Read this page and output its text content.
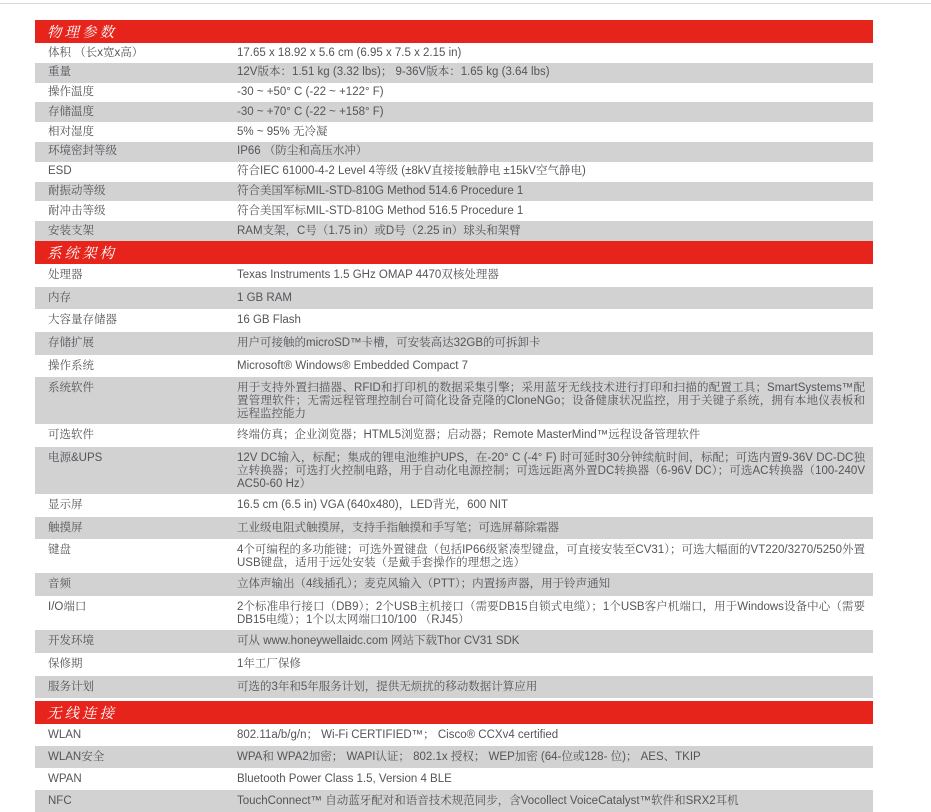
物理参数
体积 （长x宽x高）	17.65 x 18.92 x 5.6 cm (6.95 x 7.5 x 2.15 in)
重量	12V版本：1.51 kg (3.32 lbs)； 9-36V版本：1.65 kg (3.64 lbs)
操作温度	-30 ~ +50° C (-22 ~ +122° F)
存储温度	-30 ~ +70° C (-22 ~ +158° F)
相对湿度	5% ~ 95% 无冷凝
环境密封等级	IP66 （防尘和高压水冲）
ESD	符合IEC 61000-4-2 Level 4等级 (±8kV直接接触静电 ±15kV空气静电)
耐振动等级	符合美国军标MIL-STD-810G Method 514.6 Procedure 1
耐冲击等级	符合美国军标MIL-STD-810G Method 516.5 Procedure 1
安装支架	RAM支架，C号（1.75 in）或D号（2.25 in）球头和架臂
系统架构
处理器	Texas Instruments 1.5 GHz OMAP 4470双核处理器
内存	1 GB RAM
大容量存储器	16 GB Flash
存储扩展	用户可接触的microSD™卡槽，可安装高达32GB的可拆卸卡
操作系统	Microsoft® Windows® Embedded Compact 7
系统软件	用于支持外置扫描器、RFID和打印机的数据采集引擎；采用蓝牙无线技术进行打印和扫描的配置工具；SmartSystems™配置管理软件；无需远程管理控制台可简化设备克隆的CloneNGo；设备健康状况监控，用于关键子系统，拥有本地仪表板和远程监控能力
可选软件	终端仿真；企业浏览器；HTML5浏览器；启动器；Remote MasterMind™远程设备管理软件
电源&UPS	12V DC输入，标配；集成的锂电池维护UPS，在-20° C (-4° F) 时可延时30分钟续航时间，标配；可选内置9-36V DC-DC独立转换器；可选打火控制电路，用于自动化电源控制；可选远距离外置DC转换器（6-96V DC）；可选AC转换器（100-240V AC50-60 Hz）
显示屏	16.5 cm (6.5 in) VGA (640x480)，LED背光，600 NIT
触摸屏	工业级电阻式触摸屏，支持手指触摸和手写笔；可选屏幕除霜器
键盘	4个可编程的多功能键；可选外置键盘（包括IP66级紧凑型键盘，可直接安装至CV31）；可选大幅面的VT220/3270/5250外置USB键盘，适用于远处安装（是戴手套操作的理想之选）
音频	立体声输出（4线插孔）；麦克风输入（PTT）；内置扬声器，用于铃声通知
I/O端口	2个标准串行接口（DB9）；2个USB主机接口（需要DB15自锁式电缆）；1个USB客户机端口，用于Windows设备中心（需要DB15电缆）；1个以太网端口10/100 （RJ45）
开发环境	可从 www.honeywellaidc.com 网站下载Thor CV31 SDK
保修期	1年工厂保修
服务计划	可选的3年和5年服务计划，提供无烦扰的移动数据计算应用
无线连接
WLAN	802.11a/b/g/n； Wi-Fi CERTIFIED™； Cisco® CCXv4 certified
WLAN安全	WPA和 WPA2加密； WAPI认证； 802.1x 授权； WEP加密 (64-位或128- 位)； AES、TKIP
WPAN	Bluetooth Power Class 1.5, Version 4 BLE
NFC	TouchConnect™ 自动蓝牙配对和语音技术规范同步，含Vocollect VoiceCatalyst™软件和SRX2耳机
